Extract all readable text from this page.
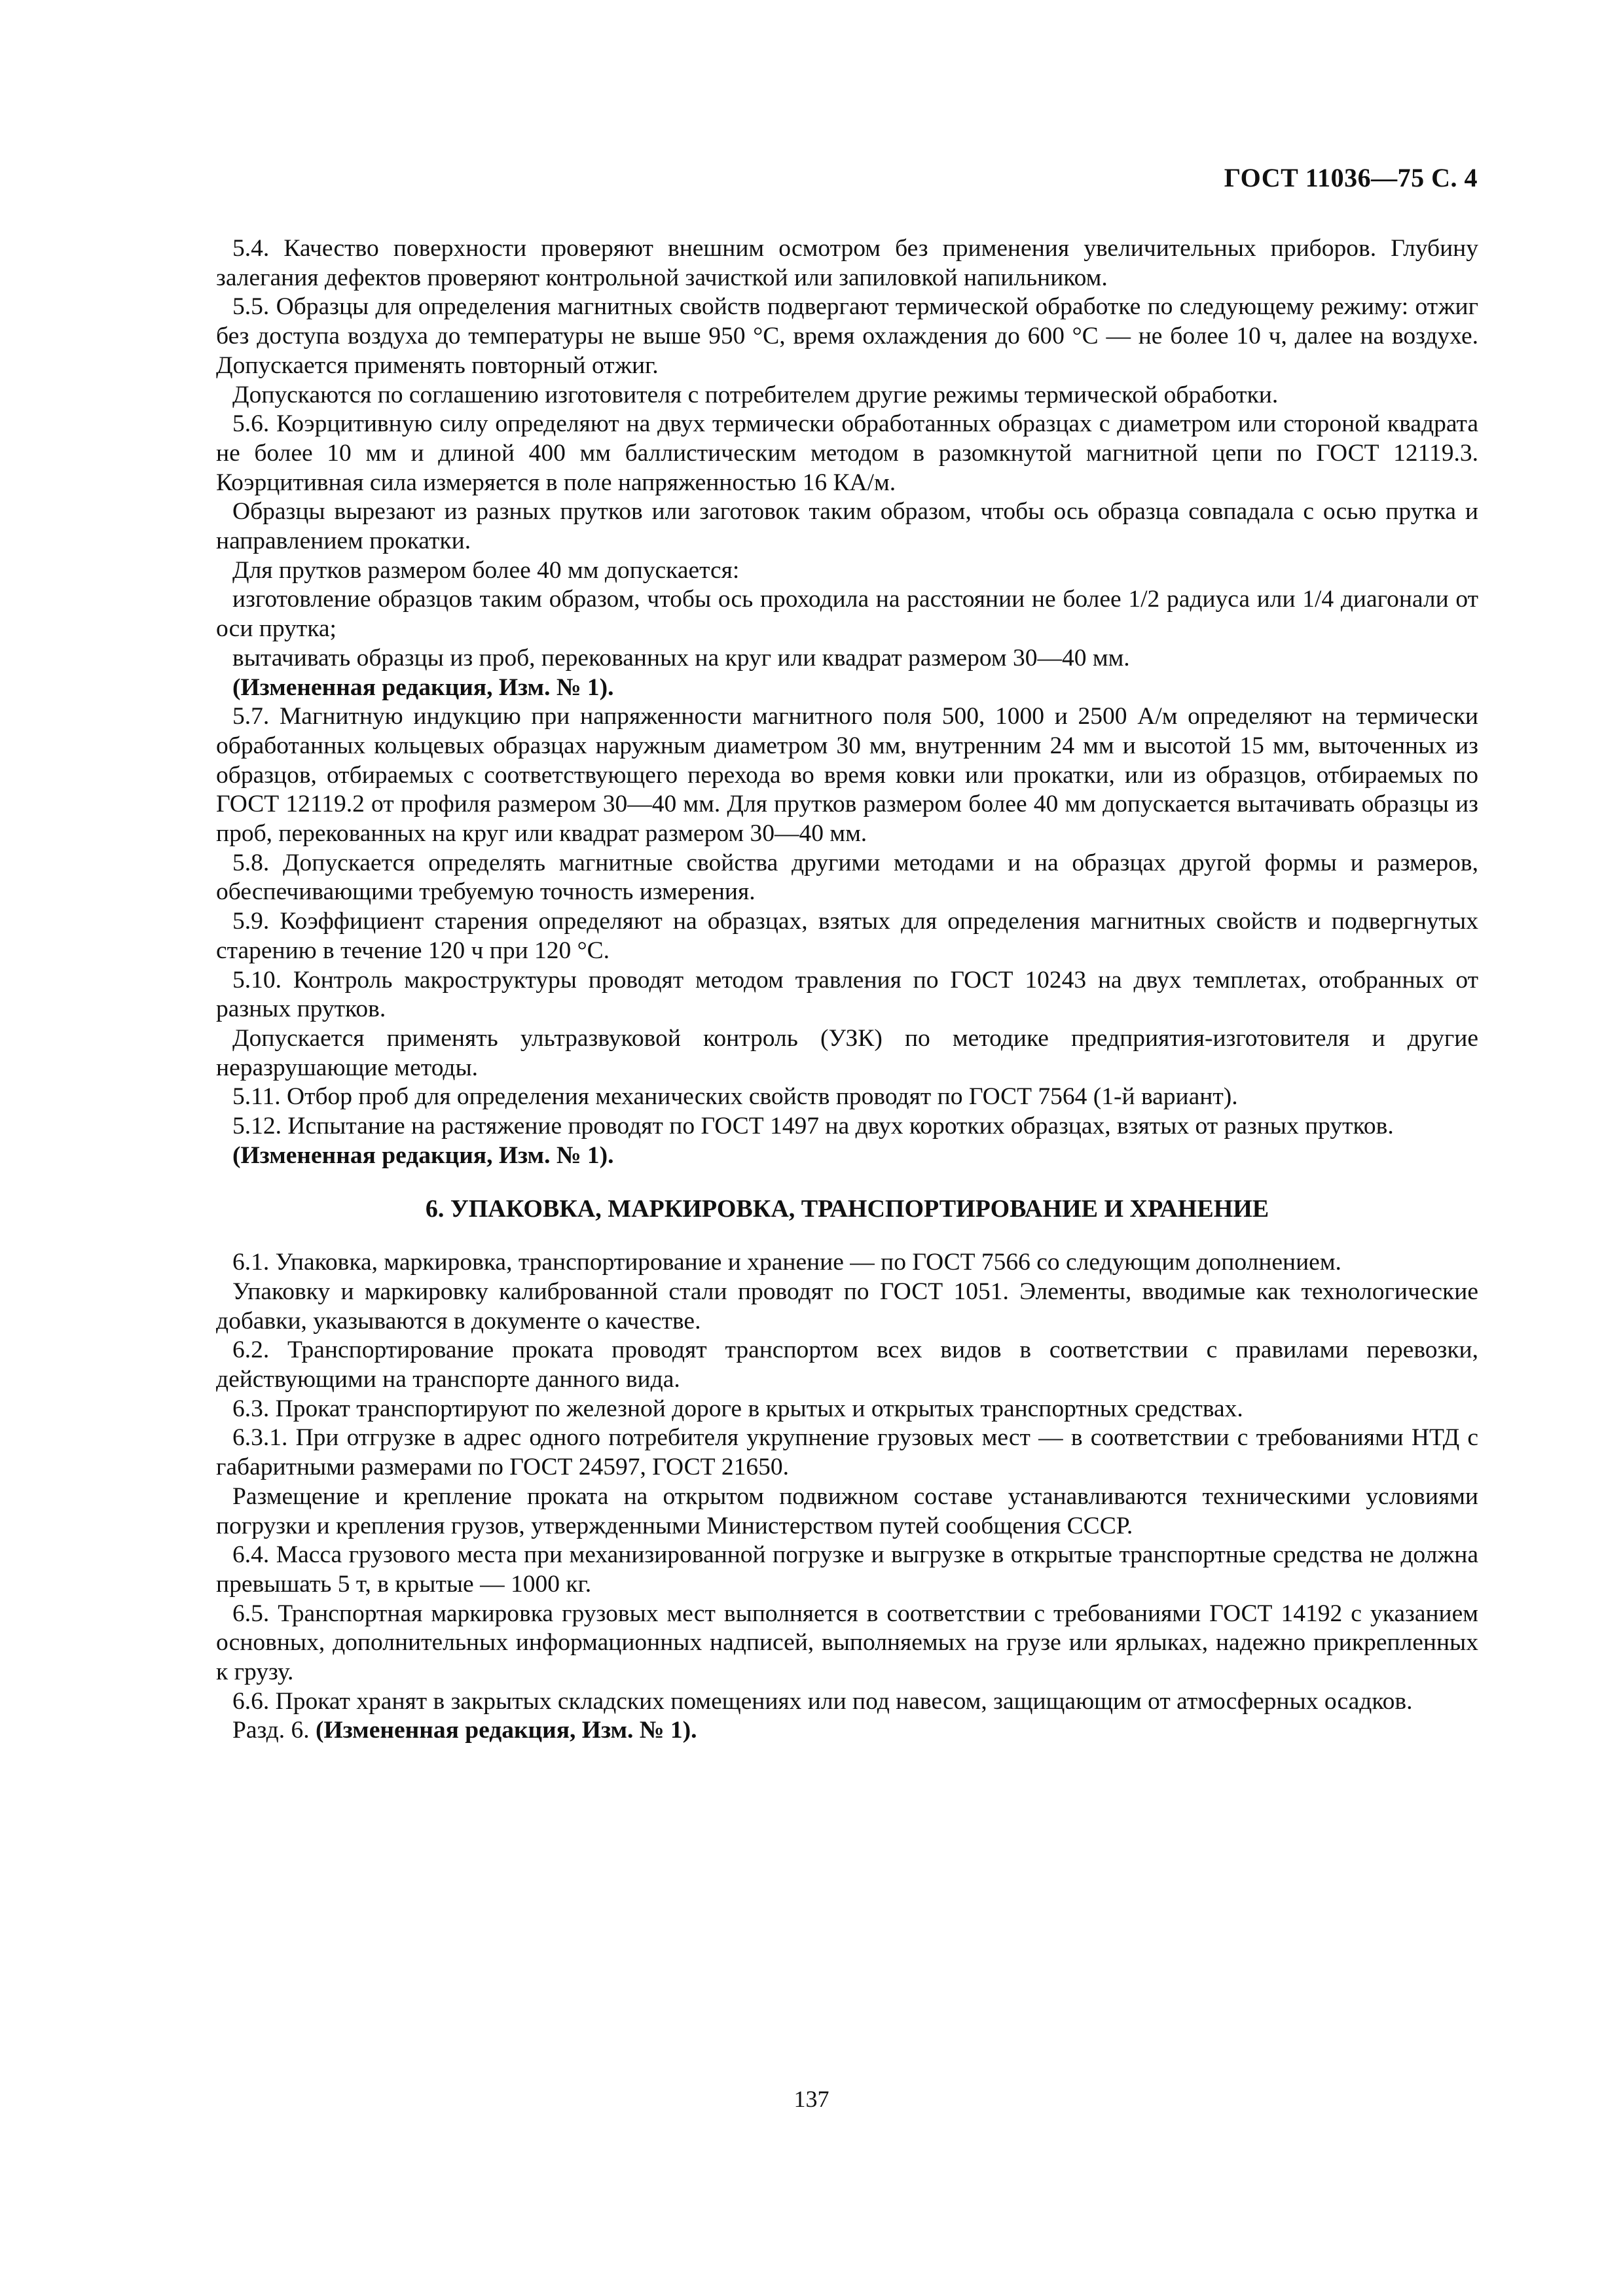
ГОСТ 11036—75 С. 4

5.4. Качество поверхности проверяют внешним осмотром без применения увеличительных приборов. Глубину залегания дефектов проверяют контрольной зачисткой или запиловкой напильником.

5.5. Образцы для определения магнитных свойств подвергают термической обработке по следующему режиму: отжиг без доступа воздуха до температуры не выше 950 °С, время охлаждения до 600 °С — не более 10 ч, далее на воздухе. Допускается применять повторный отжиг.

Допускаются по соглашению изготовителя с потребителем другие режимы термической обработки.

5.6. Коэрцитивную силу определяют на двух термически обработанных образцах с диаметром или стороной квадрата не более 10 мм и длиной 400 мм баллистическим методом в разомкнутой магнитной цепи по ГОСТ 12119.3. Коэрцитивная сила измеряется в поле напряженностью 16 КА/м.

Образцы вырезают из разных прутков или заготовок таким образом, чтобы ось образца совпадала с осью прутка и направлением прокатки.

Для прутков размером более 40 мм допускается:

изготовление образцов таким образом, чтобы ось проходила на расстоянии не более 1/2 радиуса или 1/4 диагонали от оси прутка;

вытачивать образцы из проб, перекованных на круг или квадрат размером 30—40 мм.

(Измененная редакция, Изм. № 1).

5.7. Магнитную индукцию при напряженности магнитного поля 500, 1000 и 2500 А/м определяют на термически обработанных кольцевых образцах наружным диаметром 30 мм, внутренним 24 мм и высотой 15 мм, выточенных из образцов, отбираемых с соответствующего перехода во время ковки или прокатки, или из образцов, отбираемых по ГОСТ 12119.2 от профиля размером 30—40 мм. Для прутков размером более 40 мм допускается вытачивать образцы из проб, перекованных на круг или квадрат размером 30—40 мм.

5.8. Допускается определять магнитные свойства другими методами и на образцах другой формы и размеров, обеспечивающими требуемую точность измерения.

5.9. Коэффициент старения определяют на образцах, взятых для определения магнитных свойств и подвергнутых старению в течение 120 ч при 120 °С.

5.10. Контроль макроструктуры проводят методом травления по ГОСТ 10243 на двух темплетах, отобранных от разных прутков.

Допускается применять ультразвуковой контроль (УЗК) по методике предприятия-изготовителя и другие неразрушающие методы.

5.11. Отбор проб для определения механических свойств проводят по ГОСТ 7564 (1-й вариант).

5.12. Испытание на растяжение проводят по ГОСТ 1497 на двух коротких образцах, взятых от разных прутков.

(Измененная редакция, Изм. № 1).

6. УПАКОВКА, МАРКИРОВКА, ТРАНСПОРТИРОВАНИЕ И ХРАНЕНИЕ

6.1. Упаковка, маркировка, транспортирование и хранение — по ГОСТ 7566 со следующим дополнением.

Упаковку и маркировку калиброванной стали проводят по ГОСТ 1051. Элементы, вводимые как технологические добавки, указываются в документе о качестве.

6.2. Транспортирование проката проводят транспортом всех видов в соответствии с правилами перевозки, действующими на транспорте данного вида.

6.3. Прокат транспортируют по железной дороге в крытых и открытых транспортных средствах.

6.3.1. При отгрузке в адрес одного потребителя укрупнение грузовых мест — в соответствии с требованиями НТД с габаритными размерами по ГОСТ 24597, ГОСТ 21650.

Размещение и крепление проката на открытом подвижном составе устанавливаются техническими условиями погрузки и крепления грузов, утвержденными Министерством путей сообщения СССР.

6.4. Масса грузового места при механизированной погрузке и выгрузке в открытые транспортные средства не должна превышать 5 т, в крытые — 1000 кг.

6.5. Транспортная маркировка грузовых мест выполняется в соответствии с требованиями ГОСТ 14192 с указанием основных, дополнительных информационных надписей, выполняемых на грузе или ярлыках, надежно прикрепленных к грузу.

6.6. Прокат хранят в закрытых складских помещениях или под навесом, защищающим от атмосферных осадков.

Разд. 6. (Измененная редакция, Изм. № 1).

137
